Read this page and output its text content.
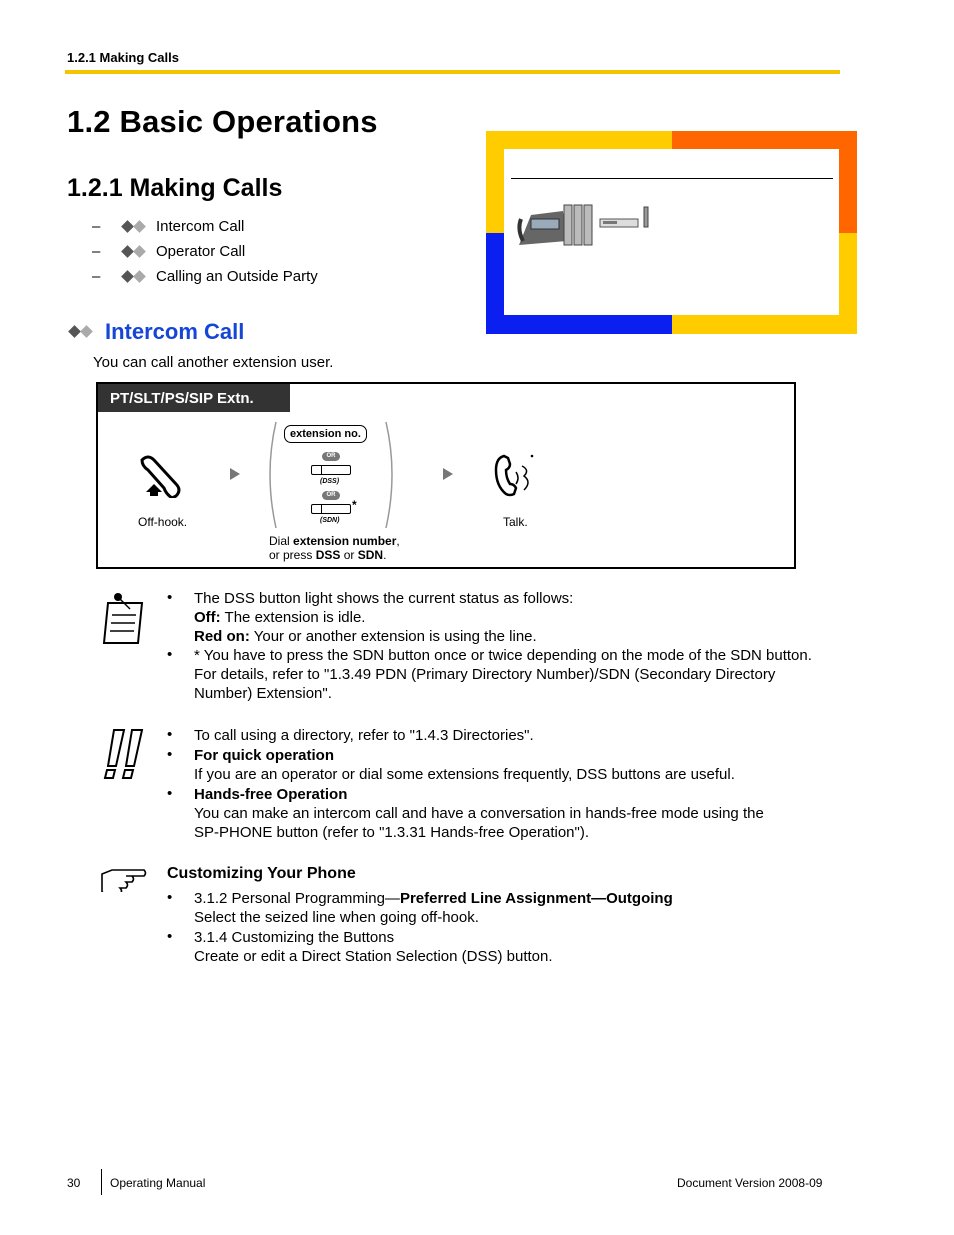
1.2.1 Making Calls
1.2 Basic Operations
1.2.1 Making Calls
–	Intercom Call
–	Operator Call
–	Calling an Outside Party
Intercom Call
You can call another extension user.
PT/SLT/PS/SIP Extn.
Off-hook.
extension no.
OR
(DSS)
OR
*
(SDN)
Dial extension number,
or press DSS or SDN.
Talk.
• The DSS button light shows the current status as follows:
Off: The extension is idle.
Red on: Your or another extension is using the line.
• * You have to press the SDN button once or twice depending on the mode of the SDN button.
For details, refer to "1.3.49 PDN (Primary Directory Number)/SDN (Secondary Directory
Number) Extension".
• To call using a directory, refer to "1.4.3 Directories".
• For quick operation
If you are an operator or dial some extensions frequently, DSS buttons are useful.
• Hands-free Operation
You can make an intercom call and have a conversation in hands-free mode using the
SP-PHONE button (refer to "1.3.31 Hands-free Operation").
Customizing Your Phone
• 3.1.2 Personal Programming—Preferred Line Assignment—Outgoing
Select the seized line when going off-hook.
• 3.1.4 Customizing the Buttons
Create or edit a Direct Station Selection (DSS) button.
30 Operating Manual	Document Version 2008-09
